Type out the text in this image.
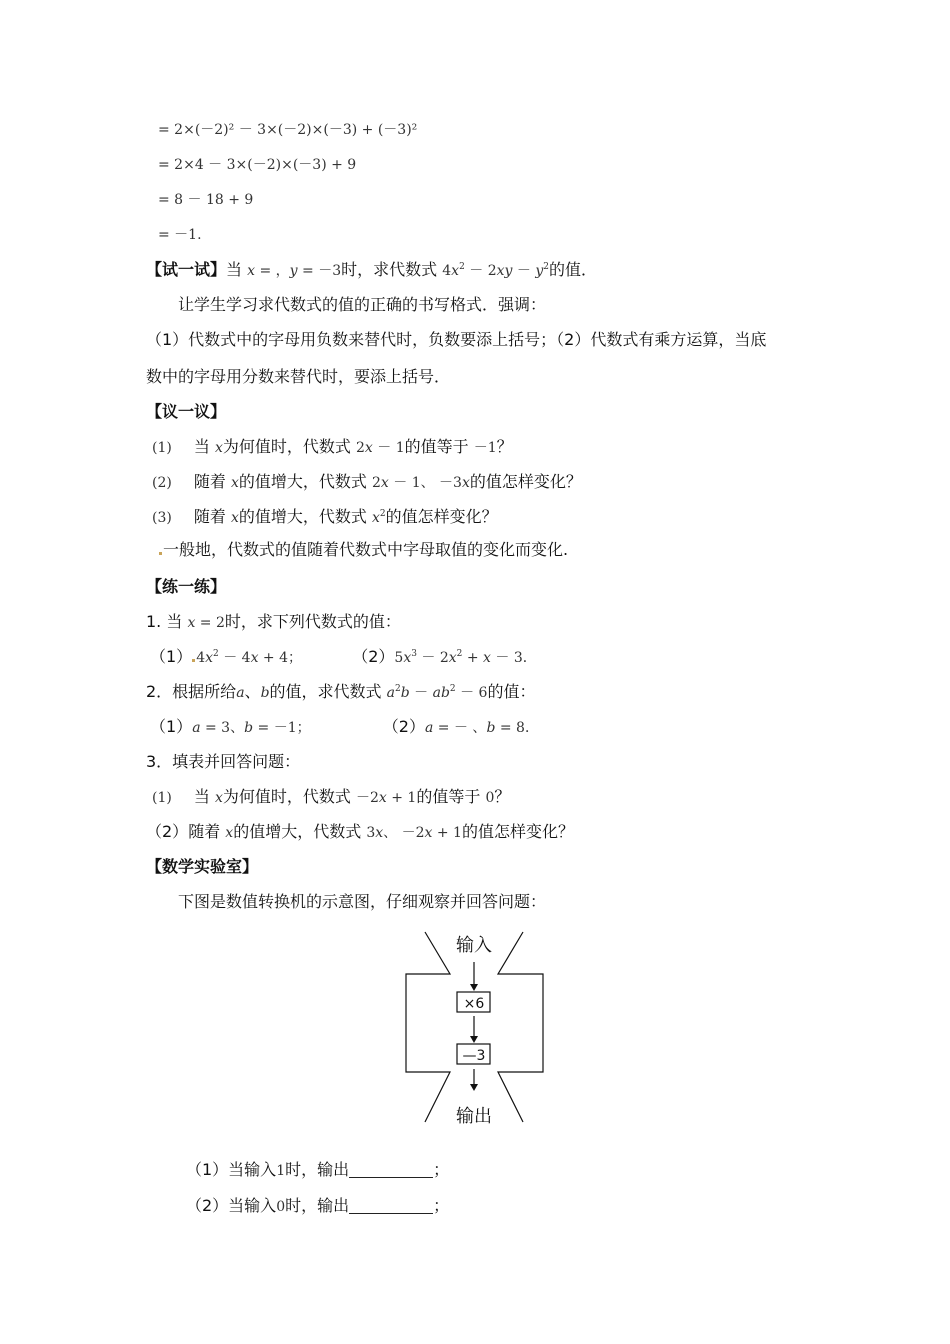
= 2×(－2)² － 3×(－2)×(－3) + (－3)²
= 2×4 － 3×(－2)×(－3) + 9
= 8 － 18 + 9
= －1.
【试一试】当 x = ，y = －3时，求代数式 $4x^2 - 2xy - y^2$的值．
让学生学习求代数式的值的正确的书写格式．强调：
（1）代数式中的字母用负数来替代时，负数要添上括号；（2）代数式有乘方运算，当底
数中的字母用分数来替代时，要添上括号．
【议一议】
(1) 当 x为何值时，代数式 2x － 1的值等于 －1？
(2) 随着 x的值增大，代数式 2x － 1、 －3x的值怎样变化？
(3) 随着 x的值增大，代数式 $x^2$的值怎样变化？
一般地，代数式的值随着代数式中字母取值的变化而变化.
【练一练】
1. 当 x = 2时，求下列代数式的值：
（1） $4x^2 - 4x + 4$；	$(2)5x^3 - 2x^2 + x - 3$．
2．根据所给a、b的值，求代数式 $a^2b - ab^2 - 6$的值：
（1）a = 3、b = －1；	（2）a = － 、b = 8．
3．填表并回答问题：
(1) 当 x为何值时，代数式 －2x + 1的值等于 0？
（2）随着 x的值增大，代数式 3x、 －2x + 1的值怎样变化？
【数学实验室】
下图是数值转换机的示意图，仔细观察并回答问题：
输入
×6
—3
输出
（1）当输入1时，输出	；
（2）当输入0时，输出	；
